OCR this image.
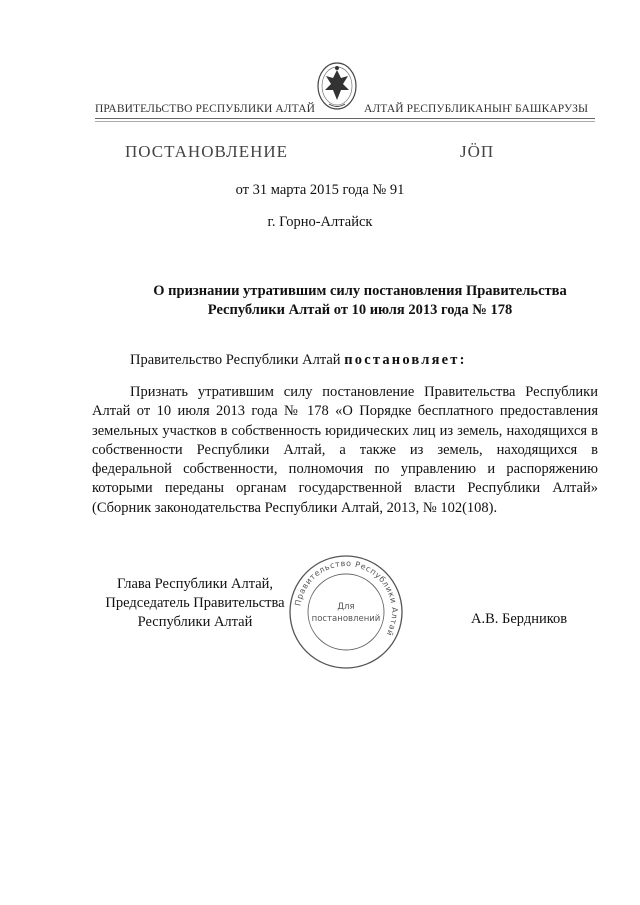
ПРАВИТЕЛЬСТВО РЕСПУБЛИКИ АЛТАЙ	АЛТАЙ РЕСПУБЛИКАНЫҤ БАШКАРУЗЫ
ПОСТАНОВЛЕНИЕ	JÖП
от 31 марта 2015 года № 91
г. Горно-Алтайск
О признании утратившим силу постановления Правительства
Республики Алтай от 10 июля 2013 года № 178
Правительство Республики Алтай постановляет:
Признать утратившим силу постановление Правительства Республики Алтай от 10 июля 2013 года № 178 «О Порядке бесплатного предоставления земельных участков в собственность юридических лиц из земель, находящихся в собственности Республики Алтай, а также из земель, находящихся в федеральной собственности, полномочия по управлению и распоряжению которыми переданы органам государственной власти Республики Алтай» (Сборник законодательства Республики Алтай, 2013, № 102(108).
Глава Республики Алтай,
Председатель Правительства
Республики Алтай
Правительство Республики Алтай
Для
постановлений	А.В. Бердников
